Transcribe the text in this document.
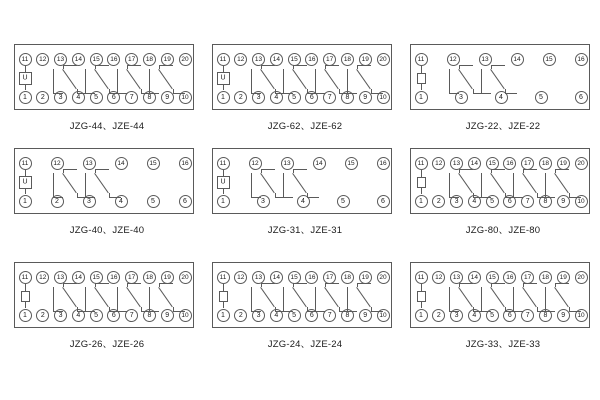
11	12	13	14	15	16	17	18	19	20
1	2	3	4	5	6	7	8	9	10
U
JZG-44、JZE-44
11	12	13	14	15	16	17	18	19	20
1	2	3	4	5	6	7	8	9	10
U
JZG-62、JZE-62
11	12	13	14	15	16
1	3	4	5	6
JZG-22、JZE-22
11	12	13	14	15	16
1	2	3	4	5	6
U
JZG-40、JZE-40
11	12	13	14	15	16
1	3	4	5	6
U
JZG-31、JZE-31
11	12	13	14	15	16	17	18	19	20
1	2	3	4	5	6	7	8	9	10
JZG-80、JZE-80
11	12	13	14	15	16	17	18	19	20
1	2	3	4	5	6	7	8	9	10
JZG-26、JZE-26
11	12	13	14	15	16	17	18	19	20
1	2	3	4	5	6	7	8	9	10
JZG-24、JZE-24
11	12	13	14	15	16	17	18	19	20
1	2	3	4	5	6	7	8	9	10
JZG-33、JZE-33
